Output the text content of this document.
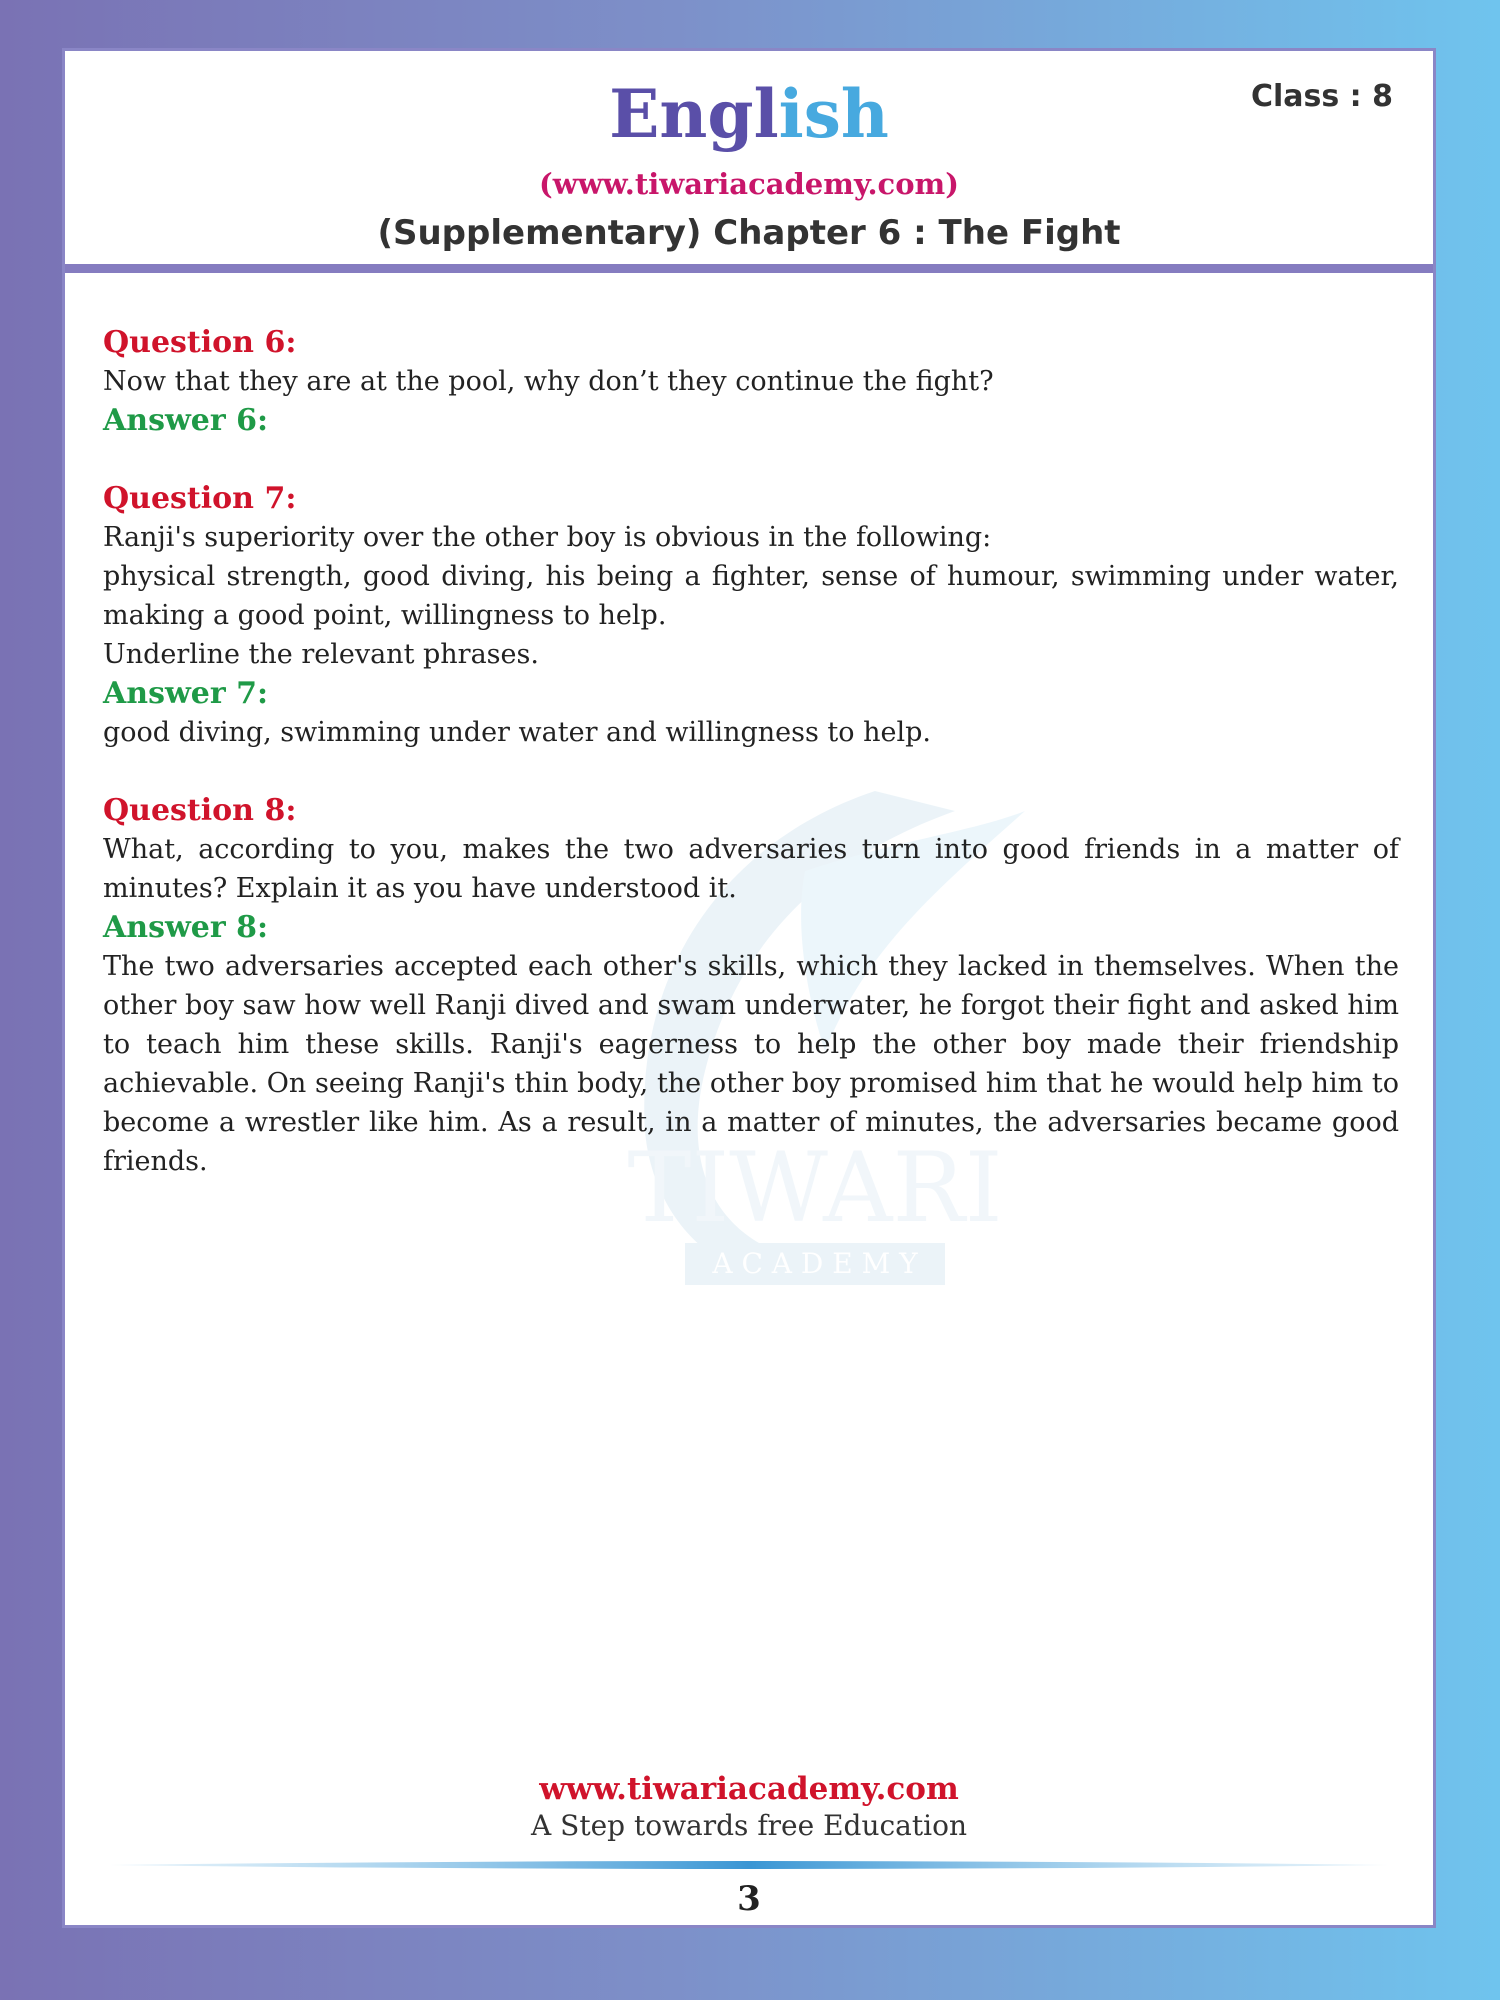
English	Class : 8
(www.tiwariacademy.com)
(Supplementary) Chapter 6 : The Fight
TIWARI
A C A D E M Y
Question 6:
Now that they are at the pool, why don’t they continue the fight?
Answer 6:
Question 7:
Ranji's superiority over the other boy is obvious in the following:
physical strength, good diving, his being a fighter, sense of humour, swimming under water, making a good point, willingness to help.
Underline the relevant phrases.
Answer 7:
good diving, swimming under water and willingness to help.
Question 8:
What, according to you, makes the two adversaries turn into good friends in a matter of minutes? Explain it as you have understood it.
Answer 8:
The two adversaries accepted each other's skills, which they lacked in themselves. When the other boy saw how well Ranji dived and swam underwater, he forgot their fight and asked him to teach him these skills. Ranji's eagerness to help the other boy made their friendship achievable. On seeing Ranji's thin body, the other boy promised him that he would help him to become a wrestler like him. As a result, in a matter of minutes, the adversaries became good friends.
www.tiwariacademy.com
A Step towards free Education
3
